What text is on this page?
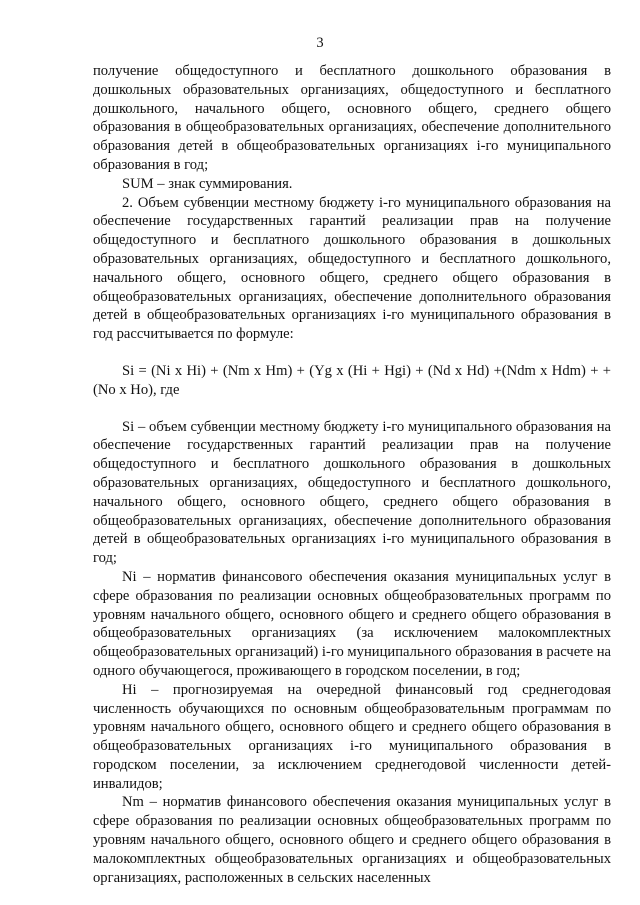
3

получение общедоступного и бесплатного дошкольного образования в дошкольных образовательных организациях, общедоступного и бесплатного дошкольного, начального общего, основного общего, среднего общего образования в общеобразовательных организациях, обеспечение дополнительного образования детей в общеобразовательных организациях i-го муниципального образования в год;

SUM – знак суммирования.

2. Объем субвенции местному бюджету i-го муниципального образования на обеспечение государственных гарантий реализации прав на получение общедоступного и бесплатного дошкольного образования в дошкольных образовательных организациях, общедоступного и бесплатного дошкольного, начального общего, основного общего, среднего общего образования в общеобразовательных организациях, обеспечение дополнительного образования детей в общеобразовательных организациях i-го муниципального образования в год рассчитывается по формуле:

Si = (Ni x Hi) + (Nm x Hm) + (Yg x (Hi + Hgi) + (Nd x Hd) +(Ndm x Hdm) + + (No x Ho), где

Si – объем субвенции местному бюджету i-го муниципального образования на обеспечение государственных гарантий реализации прав на получение общедоступного и бесплатного дошкольного образования в дошкольных образовательных организациях, общедоступного и бесплатного дошкольного, начального общего, основного общего, среднего общего образования в общеобразовательных организациях, обеспечение дополнительного образования детей в общеобразовательных организациях i-го муниципального образования в год;

Ni – норматив финансового обеспечения оказания муниципальных услуг в сфере образования по реализации основных общеобразовательных программ по уровням начального общего, основного общего и среднего общего образования в общеобразовательных организациях (за исключением малокомплектных общеобразовательных организаций) i-го муниципального образования в расчете на одного обучающегося, проживающего в городском поселении, в год;

Hi – прогнозируемая на очередной финансовый год среднегодовая численность обучающихся по основным общеобразовательным программам по уровням начального общего, основного общего и среднего общего образования в общеобразовательных организациях i-го муниципального образования в городском поселении, за исключением среднегодовой численности детей-инвалидов;

Nm – норматив финансового обеспечения оказания муниципальных услуг в сфере образования по реализации основных общеобразовательных программ по уровням начального общего, основного общего и среднего общего образования в малокомплектных общеобразовательных организациях и общеобразовательных организациях, расположенных в сельских населенных
